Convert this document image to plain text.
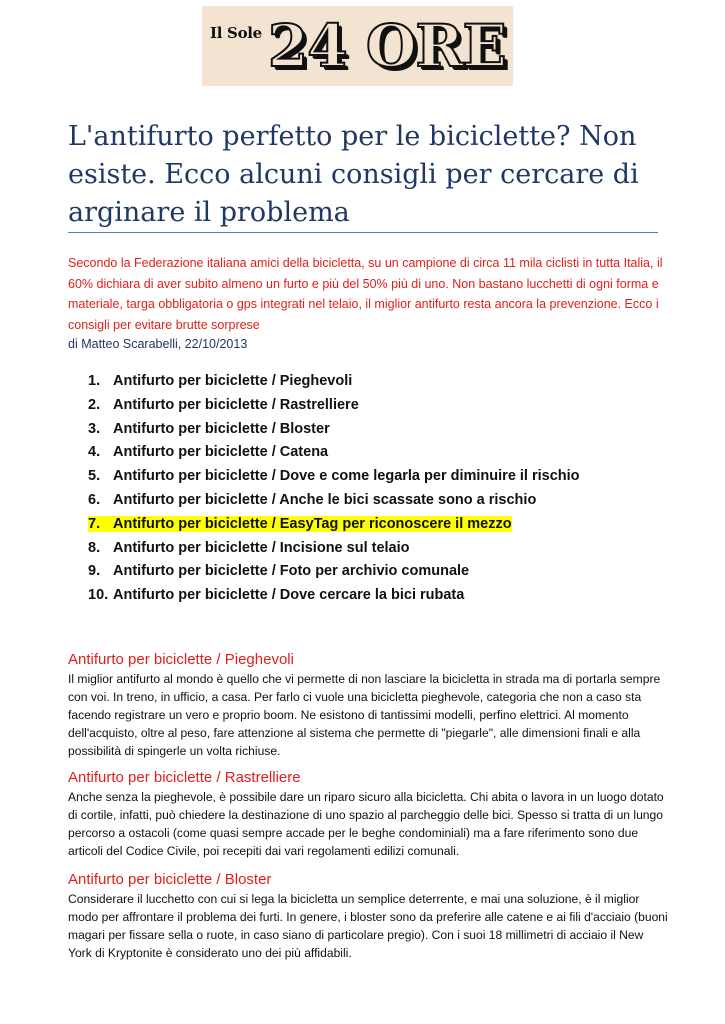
Il Sole 24 ORE
L'antifurto perfetto per le biciclette? Non esiste. Ecco alcuni consigli per cercare di arginare il problema

Secondo la Federazione italiana amici della bicicletta, su un campione di circa 11 mila ciclisti in tutta Italia, il 60% dichiara di aver subito almeno un furto e più del 50% più di uno. Non bastano lucchetti di ogni forma e materiale, targa obbligatoria o gps integrati nel telaio, il miglior antifurto resta ancora la prevenzione. Ecco i consigli per evitare brutte sorprese

di Matteo Scarabelli, 22/10/2013

1. Antifurto per biciclette / Pieghevoli
2. Antifurto per biciclette / Rastrelliere
3. Antifurto per biciclette / Bloster
4. Antifurto per biciclette / Catena
5. Antifurto per biciclette / Dove e come legarla per diminuire il rischio
6. Antifurto per biciclette / Anche le bici scassate sono a rischio
7. Antifurto per biciclette / EasyTag per riconoscere il mezzo
8. Antifurto per biciclette / Incisione sul telaio
9. Antifurto per biciclette / Foto per archivio comunale
10. Antifurto per biciclette / Dove cercare la bici rubata
Antifurto per biciclette / Pieghevoli

Il miglior antifurto al mondo è quello che vi permette di non lasciare la bicicletta in strada ma di portarla sempre con voi. In treno, in ufficio, a casa. Per farlo ci vuole una bicicletta pieghevole, categoria che non a caso sta facendo registrare un vero e proprio boom. Ne esistono di tantissimi modelli, perfino elettrici. Al momento dell'acquisto, oltre al peso, fare attenzione al sistema che permette di "piegarle", alle dimensioni finali e alla possibilità di spingerle un volta richiuse.

Antifurto per biciclette / Rastrelliere

Anche senza la pieghevole, è possibile dare un riparo sicuro alla bicicletta. Chi abita o lavora in un luogo dotato di cortile, infatti, può chiedere la destinazione di uno spazio al parcheggio delle bici. Spesso si tratta di un lungo percorso a ostacoli (come quasi sempre accade per le beghe condominiali) ma a fare riferimento sono due articoli del Codice Civile, poi recepiti dai vari regolamenti edilizi comunali.

Antifurto per biciclette / Bloster

Considerare il lucchetto con cui si lega la bicicletta un semplice deterrente, e mai una soluzione, è il miglior modo per affrontare il problema dei furti. In genere, i bloster sono da preferire alle catene e ai fili d'acciaio (buoni magari per fissare sella o ruote, in caso siano di particolare pregio). Con i suoi 18 millimetri di acciaio il New York di Kryptonite è considerato uno dei più affidabili.
